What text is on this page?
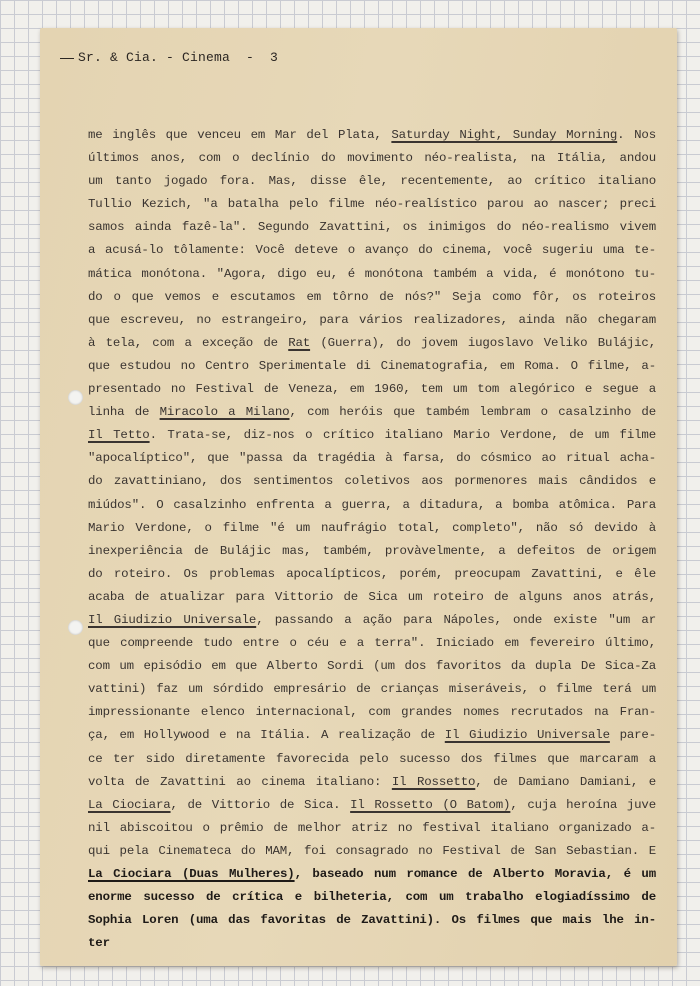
Sr. & Cia. - Cinema  -  3
me inglês que venceu em Mar del Plata, Saturday Night, Sunday Morning. Nos
últimos anos, com o declínio do movimento néo-realista, na Itália, andou
um tanto jogado fora. Mas, disse êle, recentemente, ao crítico italiano
Tullio Kezich, "a batalha pelo filme néo-realístico parou ao nascer; preci
samos ainda fazê-la". Segundo Zavattini, os inimigos do néo-realismo vivem
a acusá-lo tôlamente: Você deteve o avanço do cinema, você sugeriu uma te-
mática monótona. "Agora, digo eu, é monótona também a vida, é monótono tu-
do o que vemos e escutamos em tôrno de nós?" Seja como fôr, os roteiros
que escreveu, no estrangeiro, para vários realizadores, ainda não chegaram
à tela, com a exceção de Rat (Guerra), do jovem iugoslavo Veliko Bulájic,
que estudou no Centro Sperimentale di Cinematografia, em Roma. O filme, a-
presentado no Festival de Veneza, em 1960, tem um tom alegórico e segue a
linha de Miracolo a Milano, com heróis que também lembram o casalzinho de
Il Tetto. Trata-se, diz-nos o crítico italiano Mario Verdone, de um filme
"apocalíptico", que "passa da tragédia à farsa, do cósmico ao ritual acha-
do zavattiniano, dos sentimentos coletivos aos pormenores mais cândidos e
miúdos". O casalzinho enfrenta a guerra, a ditadura, a bomba atômica. Para
Mario Verdone, o filme "é um naufrágio total, completo", não só devido à
inexperiência de Bulájic mas, também, provàvelmente, a defeitos de origem
do roteiro. Os problemas apocalípticos, porém, preocupam Zavattini, e êle
acaba de atualizar para Vittorio de Sica um roteiro de alguns anos atrás,
Il Giudizio Universale, passando a ação para Nápoles, onde existe "um ar
que compreende tudo entre o céu e a terra". Iniciado em fevereiro último,
com um episódio em que Alberto Sordi (um dos favoritos da dupla De Sica-Za
vattini) faz um sórdido empresário de crianças miseráveis, o filme terá um
impressionante elenco internacional, com grandes nomes recrutados na Fran-
ça, em Hollywood e na Itália. A realização de Il Giudizio Universale pare-
ce ter sido diretamente favorecida pelo sucesso dos filmes que marcaram a
volta de Zavattini ao cinema italiano: Il Rossetto, de Damiano Damiani, e
La Ciociara, de Vittorio de Sica. Il Rossetto (O Batom), cuja heroína juve
nil abiscoitou o prêmio de melhor atriz no festival italiano organizado a-
qui pela Cinemateca do MAM, foi consagrado no Festival de San Sebastian. E
La Ciociara (Duas Mulheres), baseado num romance de Alberto Moravia, é um
enorme sucesso de crítica e bilheteria, com um trabalho elogiadíssimo de
Sophia Loren (uma das favoritas de Zavattini). Os filmes que mais lhe in-
ter
